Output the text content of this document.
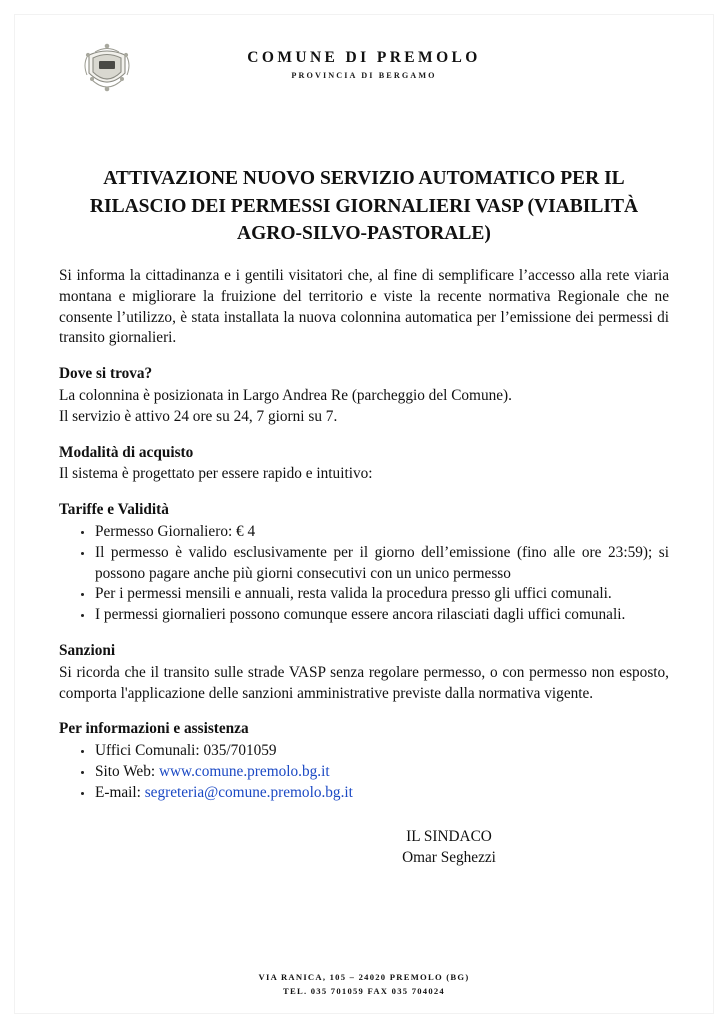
COMUNE DI PREMOLO
PROVINCIA DI BERGAMO
ATTIVAZIONE NUOVO SERVIZIO AUTOMATICO PER IL RILASCIO DEI PERMESSI GIORNALIERI VASP (VIABILITÀ AGRO-SILVO-PASTORALE)

Si informa la cittadinanza e i gentili visitatori che, al fine di semplificare l’accesso alla rete viaria montana e migliorare la fruizione del territorio e viste la recente normativa Regionale che ne consente l’utilizzo, è stata installata la nuova colonnina automatica per l’emissione dei permessi di transito giornalieri.

Dove si trova?

La colonnina è posizionata in Largo Andrea Re (parcheggio del Comune).

Il servizio è attivo 24 ore su 24, 7 giorni su 7.

Modalità di acquisto

Il sistema è progettato per essere rapido e intuitivo:

Tariffe e Validità
Permesso Giornaliero: € 4
Il permesso è valido esclusivamente per il giorno dell’emissione (fino alle ore 23:59); si possono pagare anche più giorni consecutivi con un unico permesso
Per i permessi mensili e annuali, resta valida la procedura presso gli uffici comunali.
I permessi giornalieri possono comunque essere ancora rilasciati dagli uffici comunali.
Sanzioni

Si ricorda che il transito sulle strade VASP senza regolare permesso, o con permesso non esposto, comporta l'applicazione delle sanzioni amministrative previste dalla normativa vigente.

Per informazioni e assistenza
Uffici Comunali: 035/701059
Sito Web: www.comune.premolo.bg.it
E-mail: segreteria@comune.premolo.bg.it
IL SINDACO
Omar Seghezzi
VIA RANICA, 105 – 24020 PREMOLO (BG)
TEL. 035 701059 FAX 035 704024
